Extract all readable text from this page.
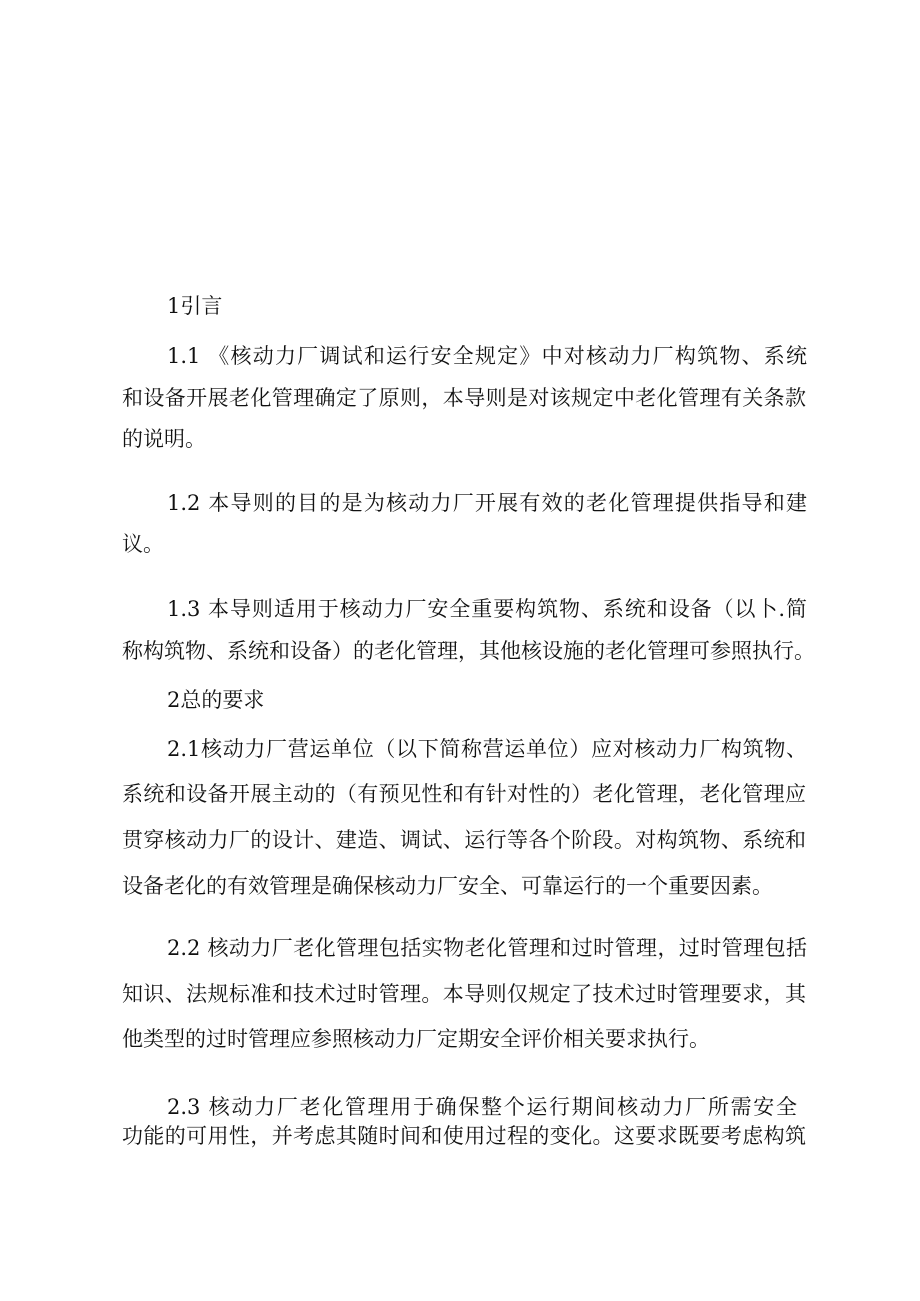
1引言
1.1 《核动力厂调试和运行安全规定》中对核动力厂构筑物、系统
和设备开展老化管理确定了原则，本导则是对该规定中老化管理有关条款
的说明。
1.2 本导则的目的是为核动力厂开展有效的老化管理提供指导和建
议。
1.3 本导则适用于核动力厂安全重要构筑物、系统和设备（以卜.简
称构筑物、系统和设备）的老化管理，其他核设施的老化管理可参照执行。
2总的要求
2.1核动力厂营运单位（以下简称营运单位）应对核动力厂构筑物、
系统和设备开展主动的（有预见性和有针对性的）老化管理，老化管理应
贯穿核动力厂的设计、建造、调试、运行等各个阶段。对构筑物、系统和
设备老化的有效管理是确保核动力厂安全、可靠运行的一个重要因素。
2.2 核动力厂老化管理包括实物老化管理和过时管理，过时管理包括
知识、法规标准和技术过时管理。本导则仅规定了技术过时管理要求，其
他类型的过时管理应参照核动力厂定期安全评价相关要求执行。
2.3 核动力厂老化管理用于确保整个运行期间核动力厂所需安全
功能的可用性，并考虑其随时间和使用过程的变化。这要求既要考虑构筑
